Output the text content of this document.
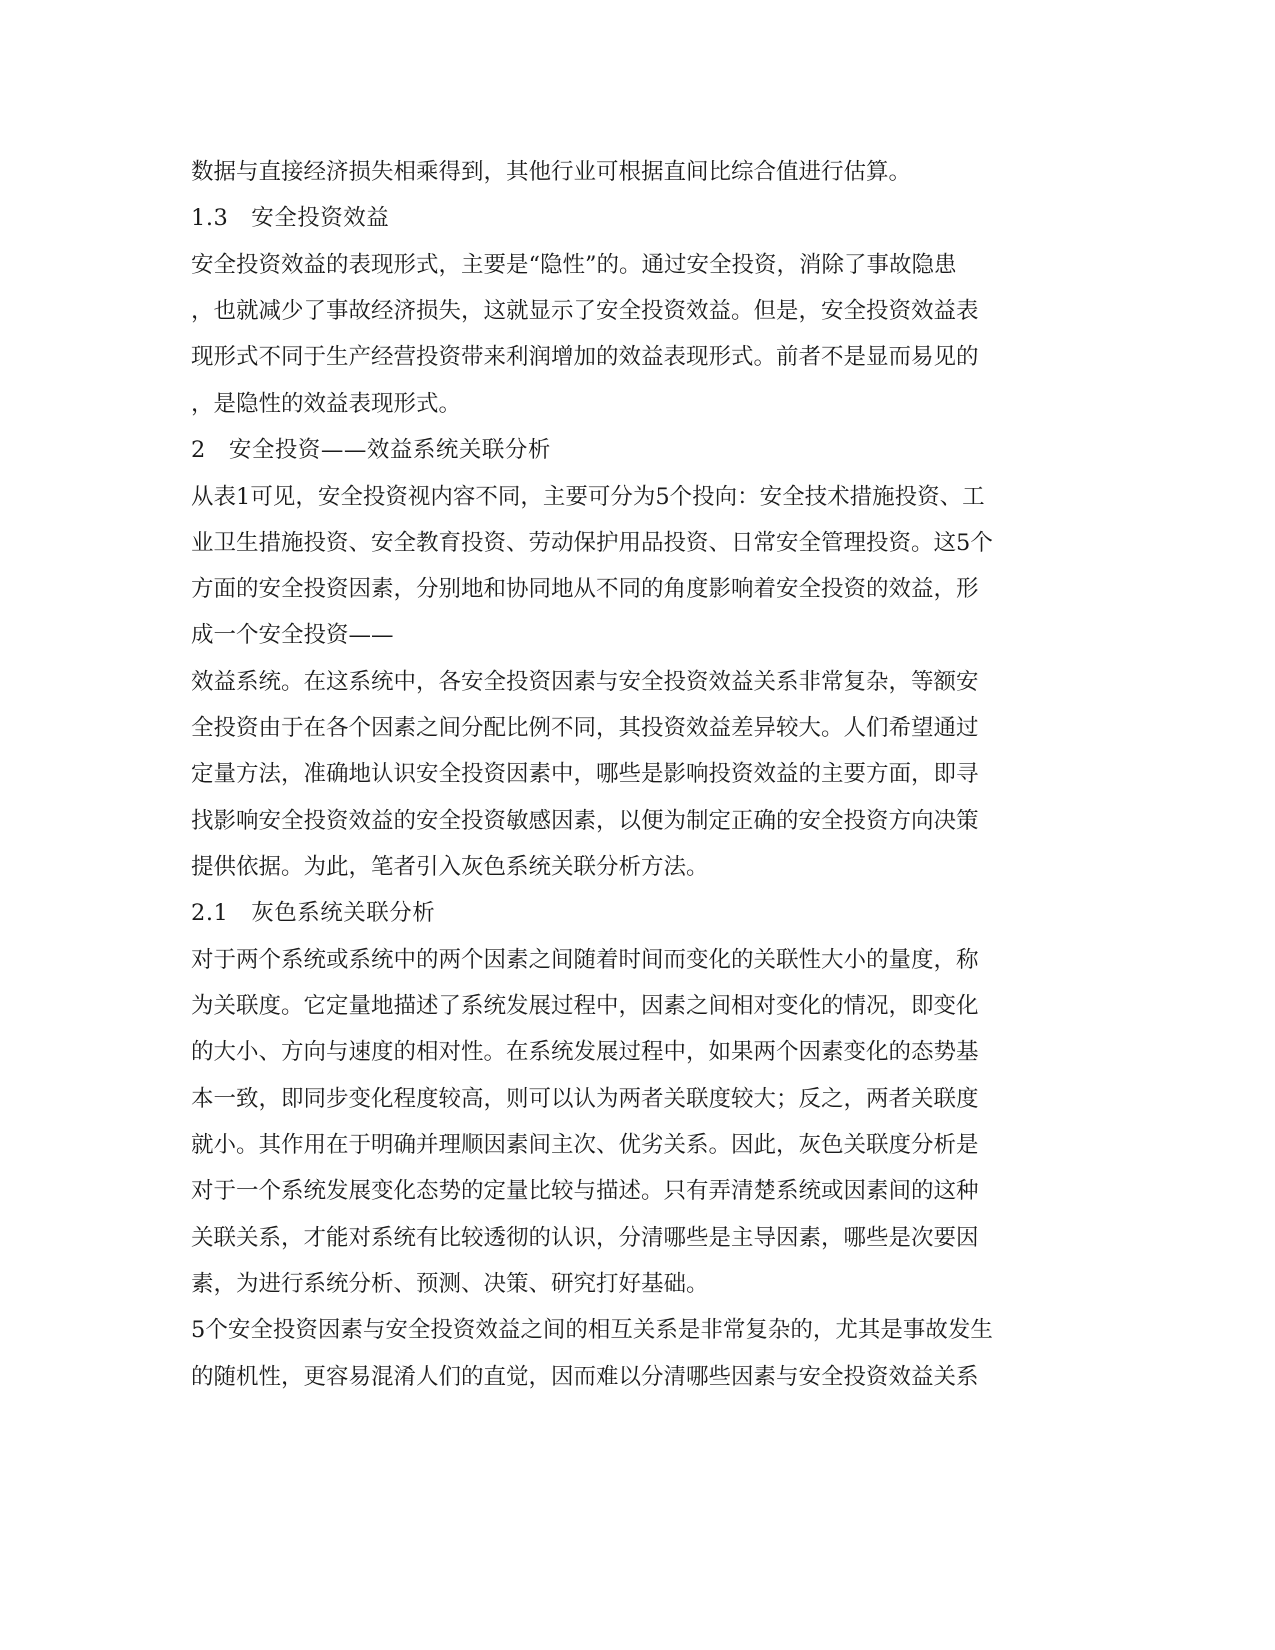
数据与直接经济损失相乘得到，其他行业可根据直间比综合值进行估算。
1.3　安全投资效益
安全投资效益的表现形式，主要是“隐性”的。通过安全投资，消除了事故隐患
，也就减少了事故经济损失，这就显示了安全投资效益。但是，安全投资效益表
现形式不同于生产经营投资带来利润增加的效益表现形式。前者不是显而易见的
，是隐性的效益表现形式。
2　安全投资——效益系统关联分析
从表1可见，安全投资视内容不同，主要可分为5个投向：安全技术措施投资、工
业卫生措施投资、安全教育投资、劳动保护用品投资、日常安全管理投资。这5个
方面的安全投资因素，分别地和协同地从不同的角度影响着安全投资的效益，形
成一个安全投资——
效益系统。在这系统中，各安全投资因素与安全投资效益关系非常复杂，等额安
全投资由于在各个因素之间分配比例不同，其投资效益差异较大。人们希望通过
定量方法，准确地认识安全投资因素中，哪些是影响投资效益的主要方面，即寻
找影响安全投资效益的安全投资敏感因素，以便为制定正确的安全投资方向决策
提供依据。为此，笔者引入灰色系统关联分析方法。
2.1　灰色系统关联分析
对于两个系统或系统中的两个因素之间随着时间而变化的关联性大小的量度，称
为关联度。它定量地描述了系统发展过程中，因素之间相对变化的情况，即变化
的大小、方向与速度的相对性。在系统发展过程中，如果两个因素变化的态势基
本一致，即同步变化程度较高，则可以认为两者关联度较大；反之，两者关联度
就小。其作用在于明确并理顺因素间主次、优劣关系。因此，灰色关联度分析是
对于一个系统发展变化态势的定量比较与描述。只有弄清楚系统或因素间的这种
关联关系，才能对系统有比较透彻的认识，分清哪些是主导因素，哪些是次要因
素，为进行系统分析、预测、决策、研究打好基础。
5个安全投资因素与安全投资效益之间的相互关系是非常复杂的，尤其是事故发生
的随机性，更容易混淆人们的直觉，因而难以分清哪些因素与安全投资效益关系
